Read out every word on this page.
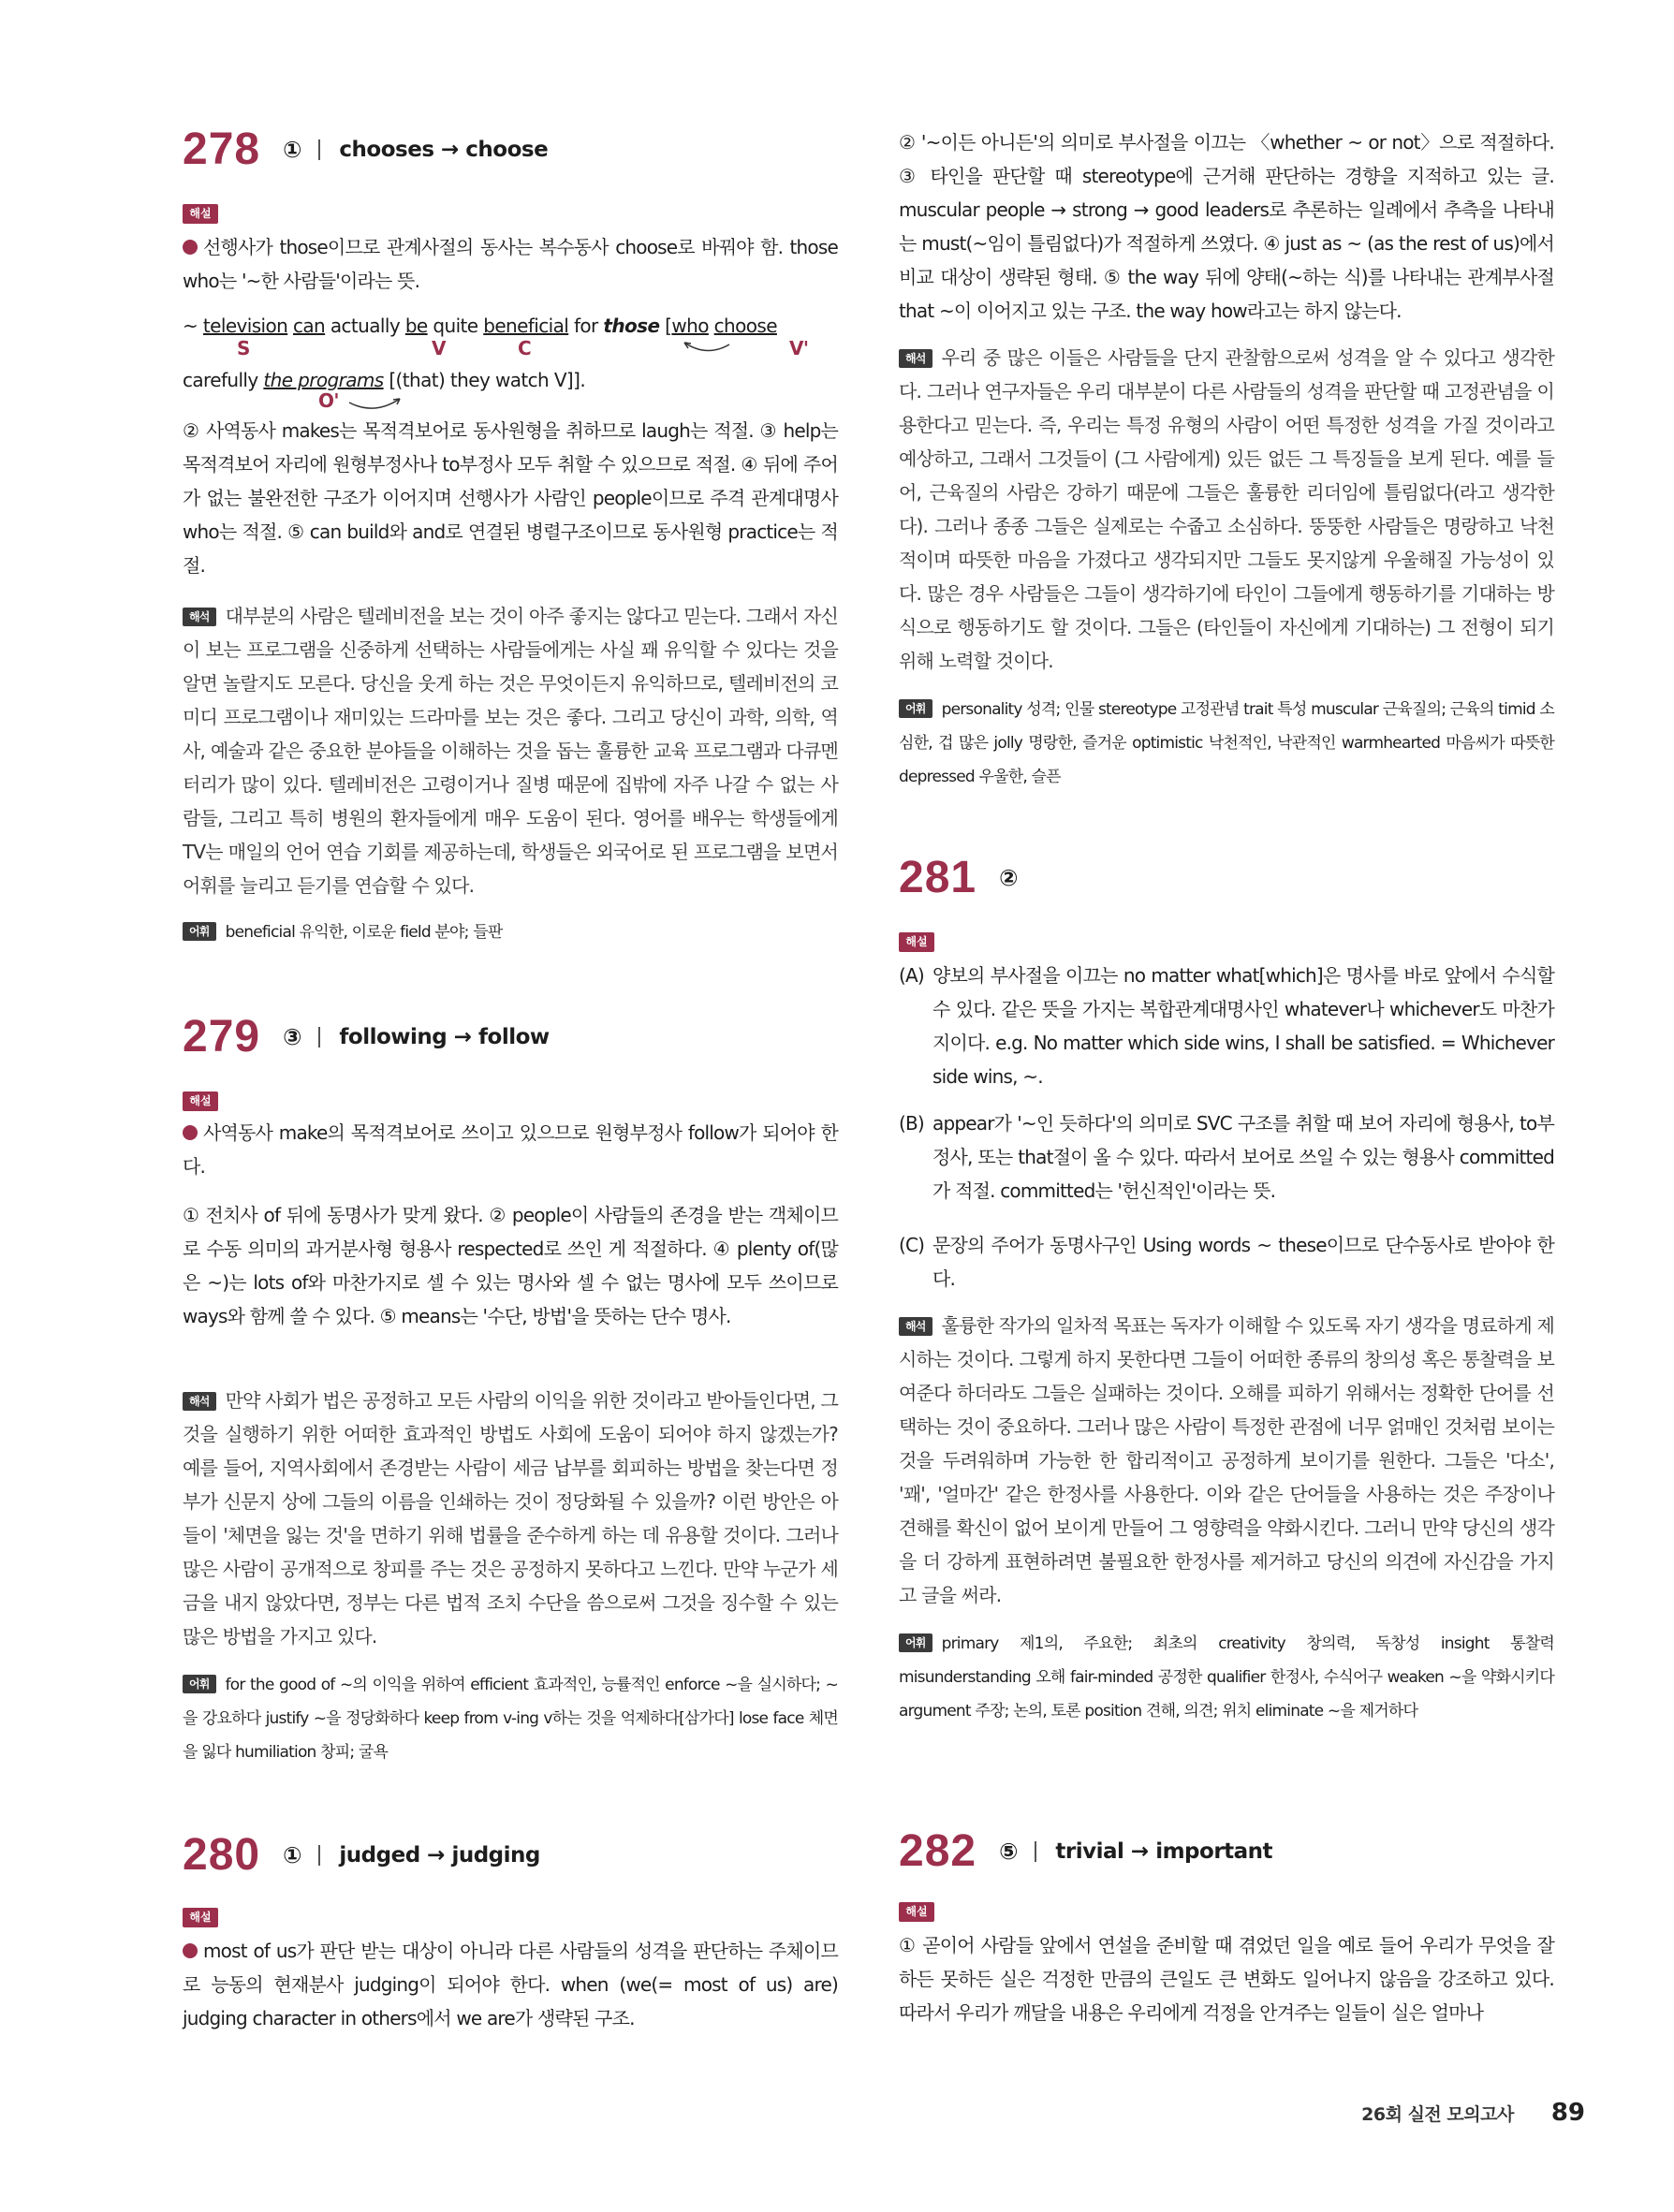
278 ① chooses → choose
해설

선행사가 those이므로 관계사절의 동사는 복수동사 choose로 바꿔야 함. those who는 '~한 사람들'이라는 뜻.

~ television can actually be quite beneficial for those [who choose
S	V	C	V'
carefully the programs [(that) they watch V]].
O'

② 사역동사 makes는 목적격보어로 동사원형을 취하므로 laugh는 적절. ③ help는 목적격보어 자리에 원형부정사나 to부정사 모두 취할 수 있으므로 적절. ④ 뒤에 주어가 없는 불완전한 구조가 이어지며 선행사가 사람인 people이므로 주격 관계대명사 who는 적절. ⑤ can build와 and로 연결된 병렬구조이므로 동사원형 practice는 적절.

해석 대부분의 사람은 텔레비전을 보는 것이 아주 좋지는 않다고 믿는다. 그래서 자신이 보는 프로그램을 신중하게 선택하는 사람들에게는 사실 꽤 유익할 수 있다는 것을 알면 놀랄지도 모른다. 당신을 웃게 하는 것은 무엇이든지 유익하므로, 텔레비전의 코미디 프로그램이나 재미있는 드라마를 보는 것은 좋다. 그리고 당신이 과학, 의학, 역사, 예술과 같은 중요한 분야들을 이해하는 것을 돕는 훌륭한 교육 프로그램과 다큐멘터리가 많이 있다. 텔레비전은 고령이거나 질병 때문에 집밖에 자주 나갈 수 없는 사람들, 그리고 특히 병원의 환자들에게 매우 도움이 된다. 영어를 배우는 학생들에게 TV는 매일의 언어 연습 기회를 제공하는데, 학생들은 외국어로 된 프로그램을 보면서 어휘를 늘리고 듣기를 연습할 수 있다.

어휘 beneficial 유익한, 이로운 field 분야; 들판

279 ③ following → follow
해설

사역동사 make의 목적격보어로 쓰이고 있으므로 원형부정사 follow가 되어야 한다.

① 전치사 of 뒤에 동명사가 맞게 왔다. ② people이 사람들의 존경을 받는 객체이므로 수동 의미의 과거분사형 형용사 respected로 쓰인 게 적절하다. ④ plenty of(많은 ~)는 lots of와 마찬가지로 셀 수 있는 명사와 셀 수 없는 명사에 모두 쓰이므로 ways와 함께 쓸 수 있다. ⑤ means는 '수단, 방법'을 뜻하는 단수 명사.

해석 만약 사회가 법은 공정하고 모든 사람의 이익을 위한 것이라고 받아들인다면, 그것을 실행하기 위한 어떠한 효과적인 방법도 사회에 도움이 되어야 하지 않겠는가? 예를 들어, 지역사회에서 존경받는 사람이 세금 납부를 회피하는 방법을 찾는다면 정부가 신문지 상에 그들의 이름을 인쇄하는 것이 정당화될 수 있을까? 이런 방안은 아들이 '체면을 잃는 것'을 면하기 위해 법률을 준수하게 하는 데 유용할 것이다. 그러나 많은 사람이 공개적으로 창피를 주는 것은 공정하지 못하다고 느낀다. 만약 누군가 세금을 내지 않았다면, 정부는 다른 법적 조치 수단을 씀으로써 그것을 징수할 수 있는 많은 방법을 가지고 있다.

어휘 for the good of ~의 이익을 위하여 efficient 효과적인, 능률적인 enforce ~을 실시하다; ~을 강요하다 justify ~을 정당화하다 keep from v-ing v하는 것을 억제하다[삼가다] lose face 체면을 잃다 humiliation 창피; 굴욕

280 ① judged → judging
해설

most of us가 판단 받는 대상이 아니라 다른 사람들의 성격을 판단하는 주체이므로 능동의 현재분사 judging이 되어야 한다. when (we(= most of us) are) judging character in others에서 we are가 생략된 구조.

② '~이든 아니든'의 의미로 부사절을 이끄는 〈whether ~ or not〉으로 적절하다. ③ 타인을 판단할 때 stereotype에 근거해 판단하는 경향을 지적하고 있는 글. muscular people → strong → good leaders로 추론하는 일례에서 추측을 나타내는 must(~임이 틀림없다)가 적절하게 쓰였다. ④ just as ~ (as the rest of us)에서 비교 대상이 생략된 형태. ⑤ the way 뒤에 양태(~하는 식)를 나타내는 관계부사절 that ~이 이어지고 있는 구조. the way how라고는 하지 않는다.

해석 우리 중 많은 이들은 사람들을 단지 관찰함으로써 성격을 알 수 있다고 생각한다. 그러나 연구자들은 우리 대부분이 다른 사람들의 성격을 판단할 때 고정관념을 이용한다고 믿는다. 즉, 우리는 특정 유형의 사람이 어떤 특정한 성격을 가질 것이라고 예상하고, 그래서 그것들이 (그 사람에게) 있든 없든 그 특징들을 보게 된다. 예를 들어, 근육질의 사람은 강하기 때문에 그들은 훌륭한 리더임에 틀림없다(라고 생각한다). 그러나 종종 그들은 실제로는 수줍고 소심하다. 뚱뚱한 사람들은 명랑하고 낙천적이며 따뜻한 마음을 가졌다고 생각되지만 그들도 못지않게 우울해질 가능성이 있다. 많은 경우 사람들은 그들이 생각하기에 타인이 그들에게 행동하기를 기대하는 방식으로 행동하기도 할 것이다. 그들은 (타인들이 자신에게 기대하는) 그 전형이 되기 위해 노력할 것이다.

어휘 personality 성격; 인물 stereotype 고정관념 trait 특성 muscular 근육질의; 근육의 timid 소심한, 겁 많은 jolly 명랑한, 즐거운 optimistic 낙천적인, 낙관적인 warmhearted 마음씨가 따뜻한 depressed 우울한, 슬픈

281 ②
해설
(A) 양보의 부사절을 이끄는 no matter what[which]은 명사를 바로 앞에서 수식할 수 있다. 같은 뜻을 가지는 복합관계대명사인 whatever나 whichever도 마찬가지이다. e.g. No matter which side wins, I shall be satisfied. = Whichever side wins, ~.
(B) appear가 '~인 듯하다'의 의미로 SVC 구조를 취할 때 보어 자리에 형용사, to부정사, 또는 that절이 올 수 있다. 따라서 보어로 쓰일 수 있는 형용사 committed가 적절. committed는 '헌신적인'이라는 뜻.
(C) 문장의 주어가 동명사구인 Using words ~ these이므로 단수동사로 받아야 한다.

해석 훌륭한 작가의 일차적 목표는 독자가 이해할 수 있도록 자기 생각을 명료하게 제시하는 것이다. 그렇게 하지 못한다면 그들이 어떠한 종류의 창의성 혹은 통찰력을 보여준다 하더라도 그들은 실패하는 것이다. 오해를 피하기 위해서는 정확한 단어를 선택하는 것이 중요하다. 그러나 많은 사람이 특정한 관점에 너무 얽매인 것처럼 보이는 것을 두려워하며 가능한 한 합리적이고 공정하게 보이기를 원한다. 그들은 '다소', '꽤', '얼마간' 같은 한정사를 사용한다. 이와 같은 단어들을 사용하는 것은 주장이나 견해를 확신이 없어 보이게 만들어 그 영향력을 약화시킨다. 그러니 만약 당신의 생각을 더 강하게 표현하려면 불필요한 한정사를 제거하고 당신의 의견에 자신감을 가지고 글을 써라.

어휘 primary 제1의, 주요한; 최초의 creativity 창의력, 독창성 insight 통찰력 misunderstanding 오해 fair-minded 공정한 qualifier 한정사, 수식어구 weaken ~을 약화시키다 argument 주장; 논의, 토론 position 견해, 의견; 위치 eliminate ~을 제거하다

282 ⑤ trivial → important
해설

① 곧이어 사람들 앞에서 연설을 준비할 때 겪었던 일을 예로 들어 우리가 무엇을 잘하든 못하든 실은 걱정한 만큼의 큰일도 큰 변화도 일어나지 않음을 강조하고 있다. 따라서 우리가 깨달을 내용은 우리에게 걱정을 안겨주는 일들이 실은 얼마나

26회 실전 모의고사 89
